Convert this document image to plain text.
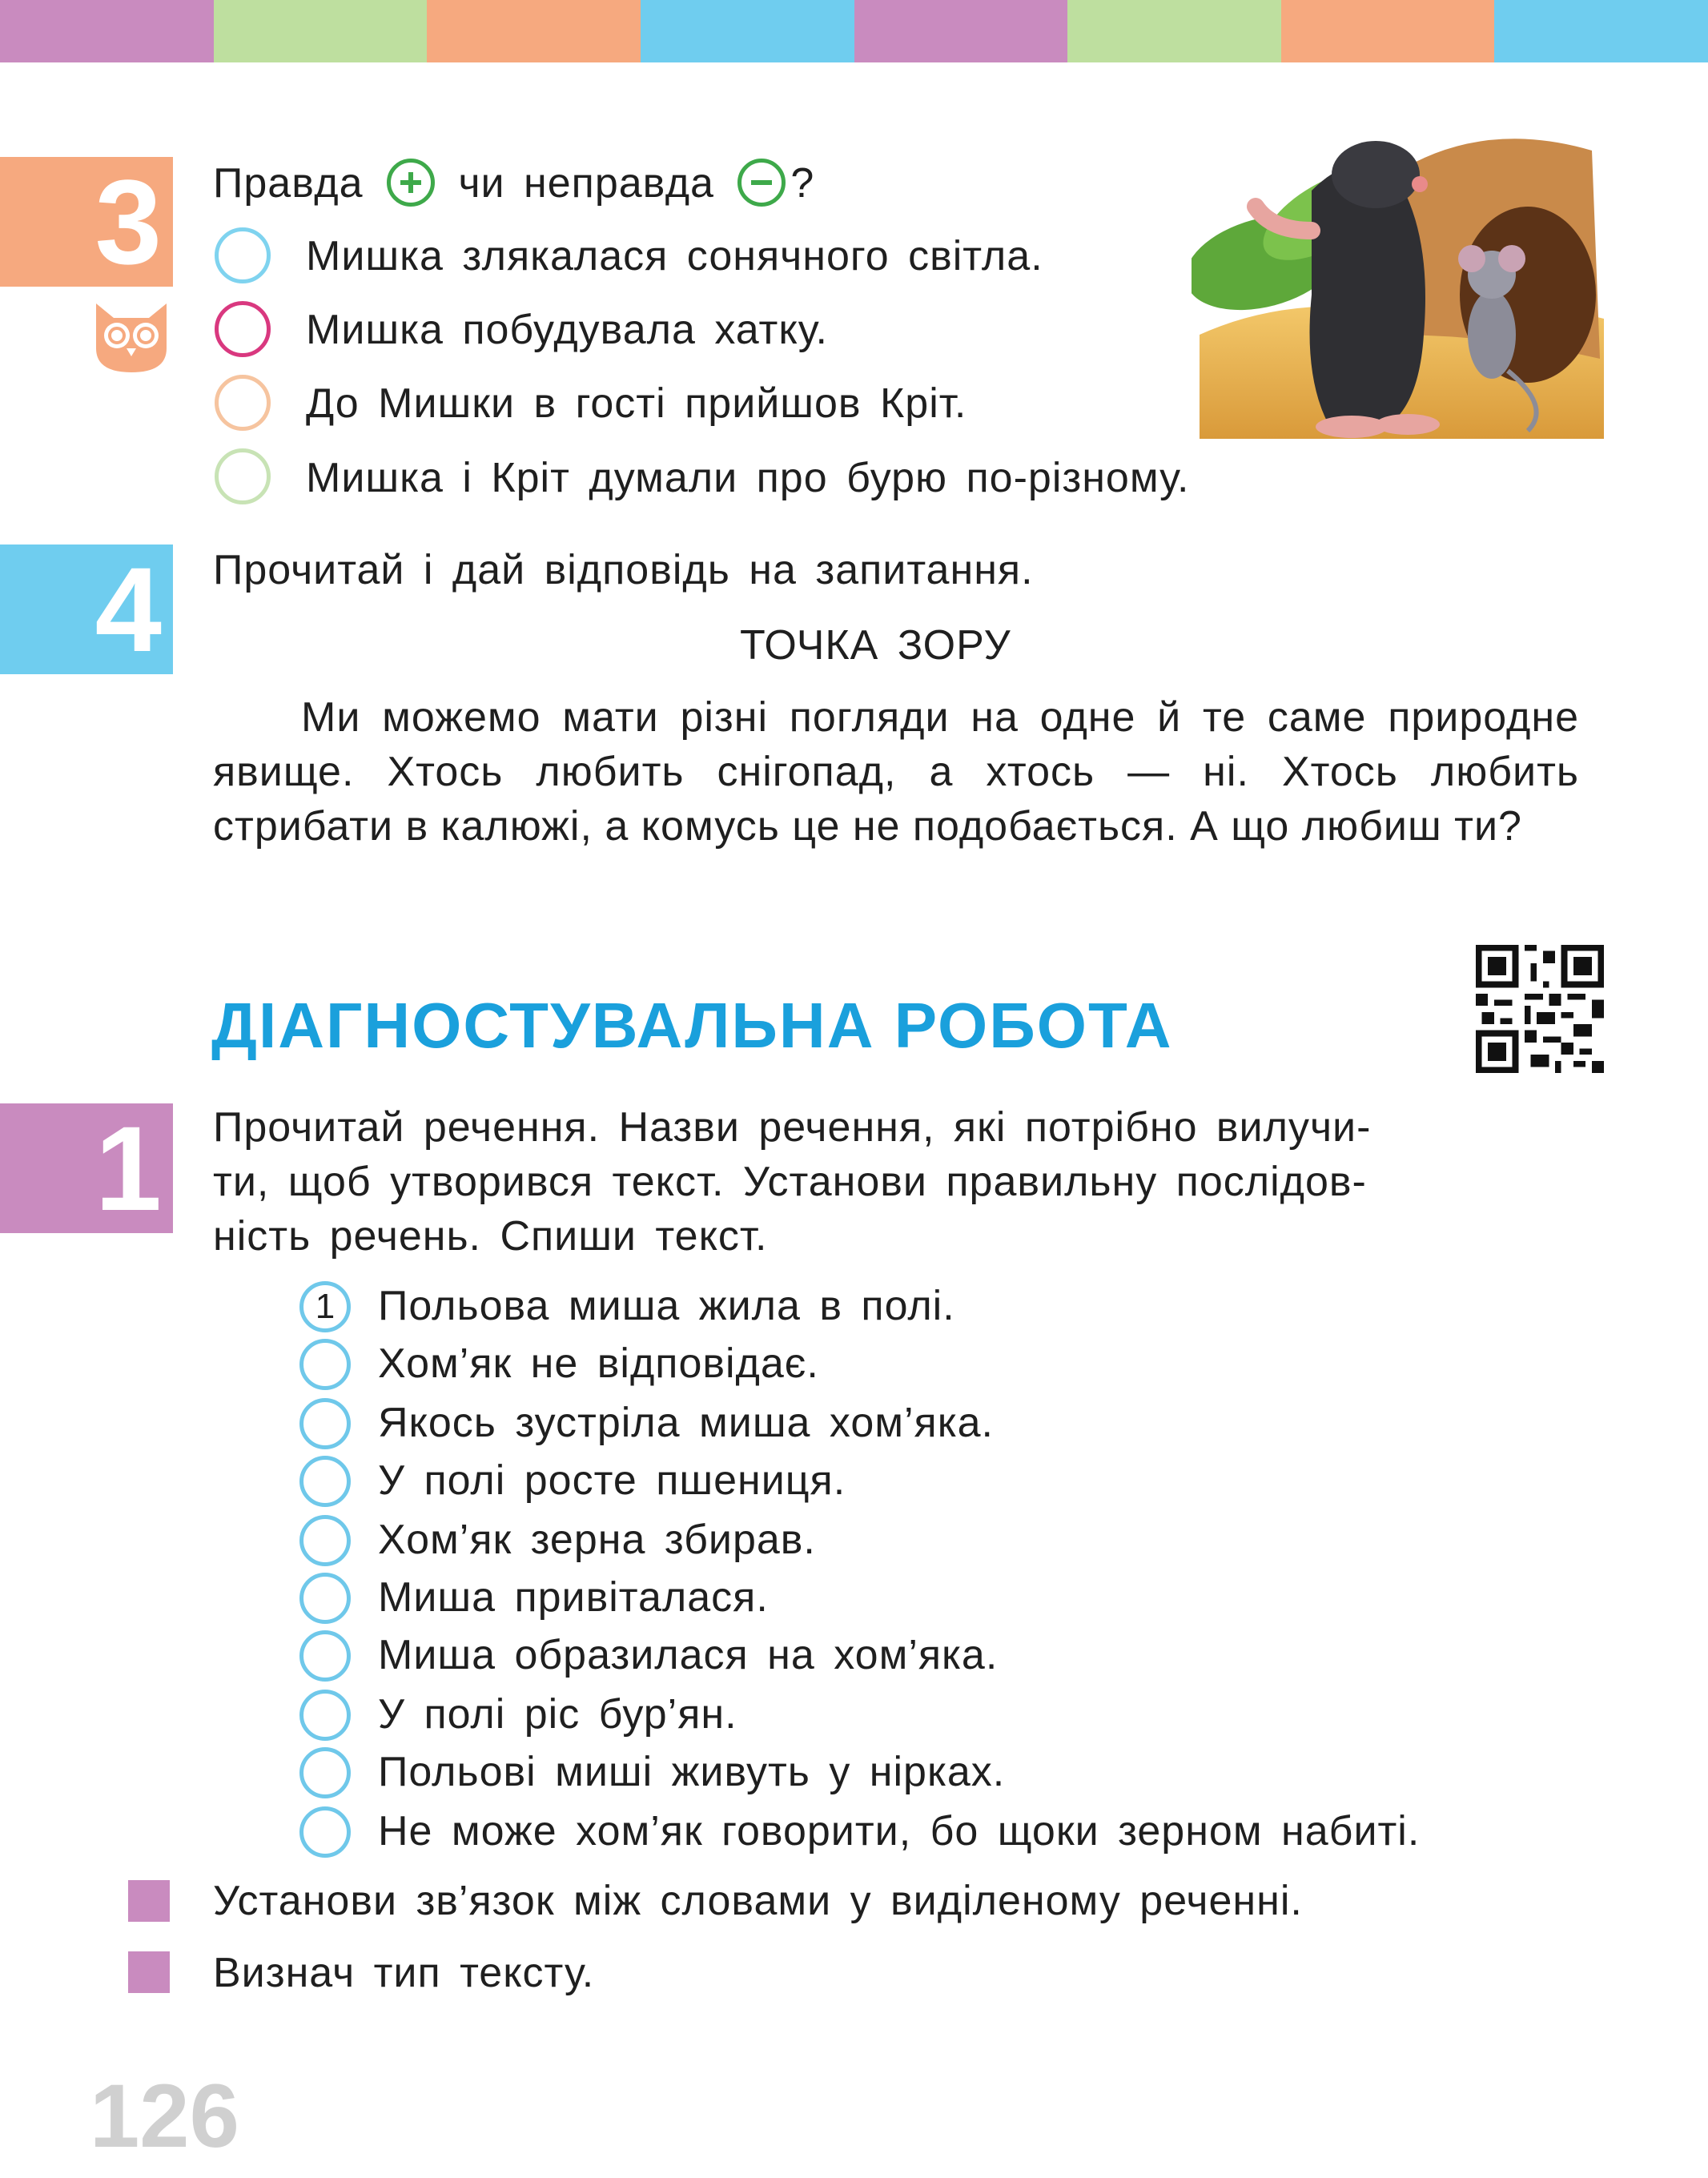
3 Правда чи неправда ?
Мишка злякалася сонячного світла.
Мишка побудувала хатку.
До Мишки в гості прийшов Кріт.
Мишка і Кріт думали про бурю по-різному.
4 Прочитай і дай відповідь на запитання.
ТОЧКА ЗОРУ

Ми можемо мати різні погляди на одне й те саме природне явище. Хтось любить снігопад, а хтось — ні. Хтось любить стрибати в калюжі, а комусь це не подобається. А що любиш ти?

ДІАГНОСТУВАЛЬНА РОБОТА
1 Прочитай речення. Назви речення, які потрібно вилучи-
ти, щоб утворився текст. Установи правильну послідов-
ність речень. Спиши текст.
1	Польова миша жила в полі.
Хом’як не відповідає.
Якось зустріла миша хом’яка.
У полі росте пшениця.
Хом’як зерна збирав.
Миша привіталася.
Миша образилася на хом’яка.
У полі ріс бур’ян.
Польові миші живуть у нірках.
Не може хом’як говорити, бо щоки зерном набиті.
Установи зв’язок між словами у виділеному реченні.
Визнач тип тексту.
126
